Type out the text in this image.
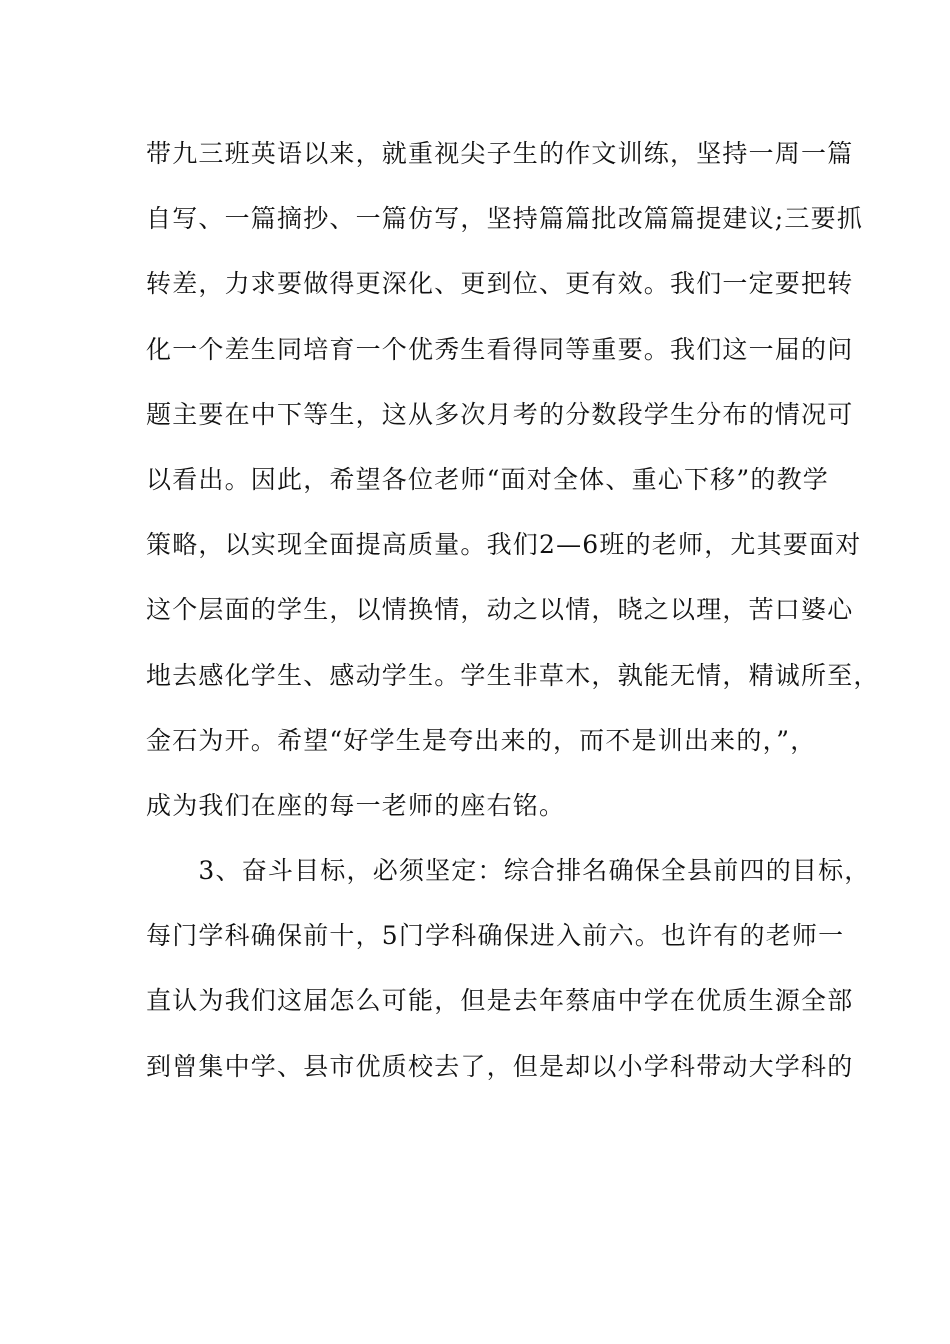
带九三班英语以来，就重视尖子生的作文训练，坚持一周一篇
自写、一篇摘抄、一篇仿写，坚持篇篇批改篇篇提建议;三要抓
转差，力求要做得更深化、更到位、更有效。我们一定要把转
化一个差生同培育一个优秀生看得同等重要。我们这一届的问
题主要在中下等生，这从多次月考的分数段学生分布的情况可
以看出。因此，希望各位老师“面对全体、重心下移”的教学
策略，以实现全面提高质量。我们2—6班的老师，尤其要面对
这个层面的学生，以情换情，动之以情，晓之以理，苦口婆心
地去感化学生、感动学生。学生非草木，孰能无情，精诚所至，
金石为开。希望“好学生是夸出来的，而不是训出来的，”，
成为我们在座的每一老师的座右铭。
　　3、奋斗目标，必须坚定：综合排名确保全县前四的目标，
每门学科确保前十，5门学科确保进入前六。也许有的老师一
直认为我们这届怎么可能，但是去年蔡庙中学在优质生源全部
到曾集中学、县市优质校去了，但是却以小学科带动大学科的
